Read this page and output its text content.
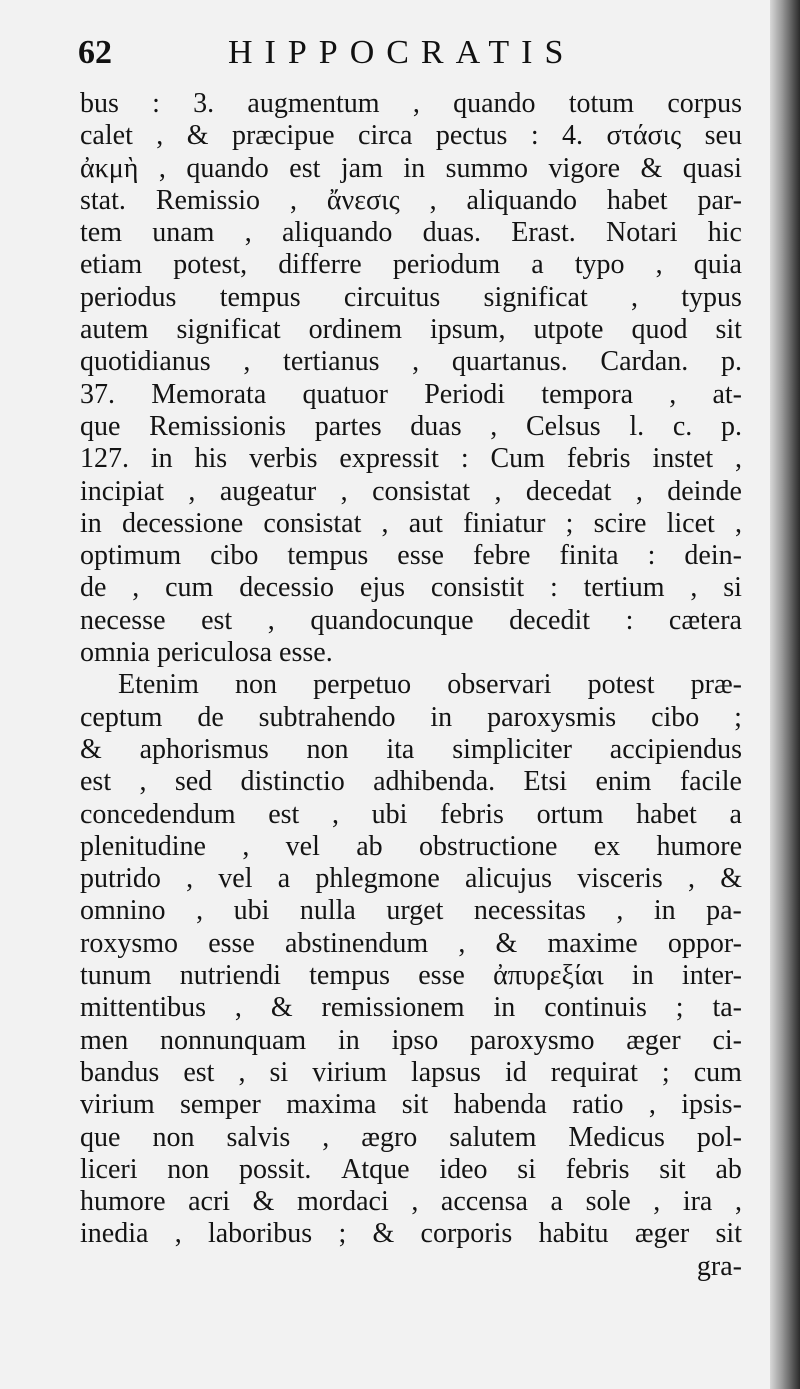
62	HIPPOCRATIS
bus : 3. augmentum , quando totum corpus
calet , & præcipue circa pectus : 4. στάσις seu
ἀκμὴ , quando est jam in summo vigore & quasi
stat. Remissio , ἄνεσις , aliquando habet par-
tem unam , aliquando duas. Erast. Notari hic
etiam potest, differre periodum a typo , quia
periodus tempus circuitus significat , typus
autem significat ordinem ipsum, utpote quod sit
quotidianus , tertianus , quartanus. Cardan. p.
37. Memorata quatuor Periodi tempora , at-
que Remissionis partes duas , Celsus l. c. p.
127. in his verbis expressit : Cum febris instet ,
incipiat , augeatur , consistat , decedat , deinde
in decessione consistat , aut finiatur ; scire licet ,
optimum cibo tempus esse febre finita : dein-
de , cum decessio ejus consistit : tertium , si
necesse est , quandocunque decedit : cætera
omnia periculosa esse.
Etenim non perpetuo observari potest præ-
ceptum de subtrahendo in paroxysmis cibo ;
& aphorismus non ita simpliciter accipiendus
est , sed distinctio adhibenda. Etsi enim facile
concedendum est , ubi febris ortum habet a
plenitudine , vel ab obstructione ex humore
putrido , vel a phlegmone alicujus visceris , &
omnino , ubi nulla urget necessitas , in pa-
roxysmo esse abstinendum , & maxime oppor-
tunum nutriendi tempus esse ἀπυρεξίαι in inter-
mittentibus , & remissionem in continuis ; ta-
men nonnunquam in ipso paroxysmo æger ci-
bandus est , si virium lapsus id requirat ; cum
virium semper maxima sit habenda ratio , ipsis-
que non salvis , ægro salutem Medicus pol-
liceri non possit. Atque ideo si febris sit ab
humore acri & mordaci , accensa a sole , ira ,
inedia , laboribus ; & corporis habitu æger sit
gra-
